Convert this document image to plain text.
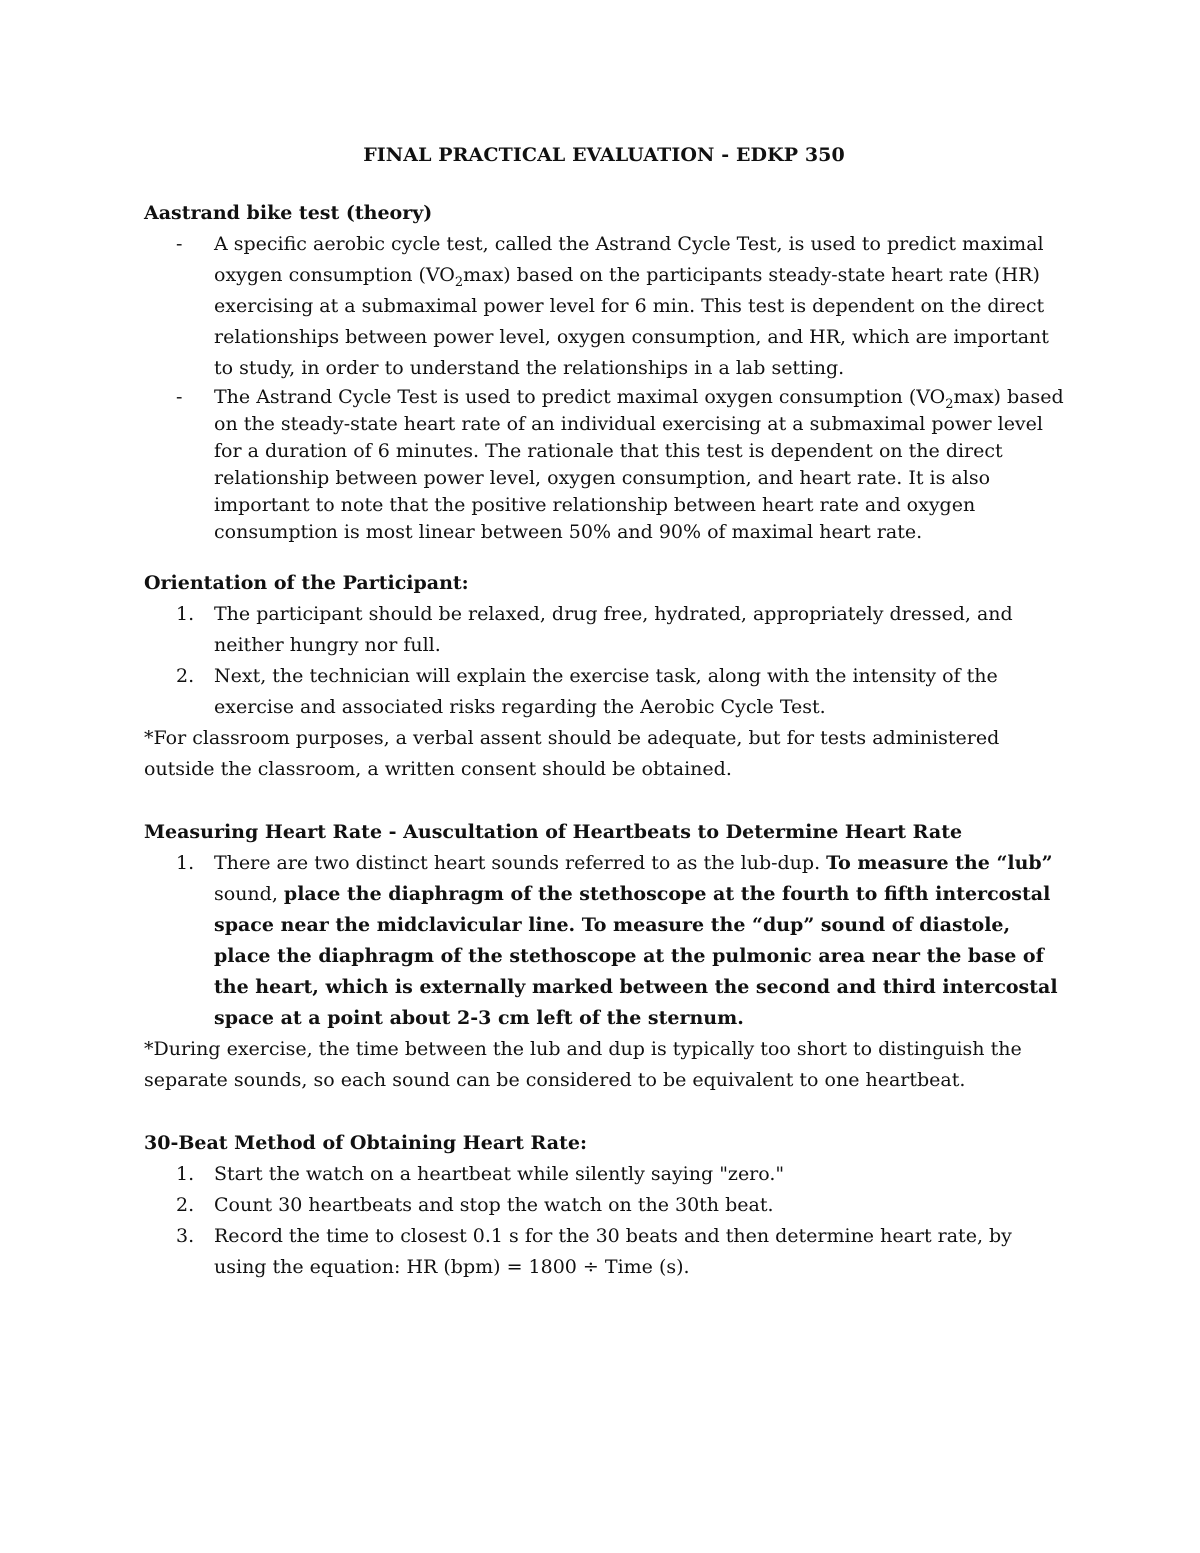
FINAL PRACTICAL EVALUATION - EDKP 350
Aastrand bike test (theory)
- A specific aerobic cycle test, called the Astrand Cycle Test, is used to predict maximal oxygen consumption $(VO_2\max)$ based on the participants steady-state heart rate (HR) exercising at a submaximal power level for 6 min. This test is dependent on the direct relationships between power level, oxygen consumption, and HR, which are important to study, in order to understand the relationships in a lab setting.
- The Astrand Cycle Test is used to predict maximal oxygen consumption $(VO_2\max)$ based on the steady-state heart rate of an individual exercising at a submaximal power level for a duration of 6 minutes. The rationale that this test is dependent on the direct relationship between power level, oxygen consumption, and heart rate. It is also important to note that the positive relationship between heart rate and oxygen consumption is most linear between 50% and 90% of maximal heart rate.
Orientation of the Participant:
1. The participant should be relaxed, drug free, hydrated, appropriately dressed, and neither hungry nor full.
2. Next, the technician will explain the exercise task, along with the intensity of the exercise and associated risks regarding the Aerobic Cycle Test.
*For classroom purposes, a verbal assent should be adequate, but for tests administered outside the classroom, a written consent should be obtained.
Measuring Heart Rate - Auscultation of Heartbeats to Determine Heart Rate
1. There are two distinct heart sounds referred to as the lub-dup. To measure the “lub” sound, place the diaphragm of the stethoscope at the fourth to fifth intercostal space near the midclavicular line. To measure the “dup” sound of diastole, place the diaphragm of the stethoscope at the pulmonic area near the base of the heart, which is externally marked between the second and third intercostal space at a point about 2-3 cm left of the sternum.
*During exercise, the time between the lub and dup is typically too short to distinguish the separate sounds, so each sound can be considered to be equivalent to one heartbeat.
30-Beat Method of Obtaining Heart Rate:
1. Start the watch on a heartbeat while silently saying "zero."
2. Count 30 heartbeats and stop the watch on the 30th beat.
3. Record the time to closest 0.1 s for the 30 beats and then determine heart rate, by using the equation: HR (bpm) = 1800 ÷ Time (s).
